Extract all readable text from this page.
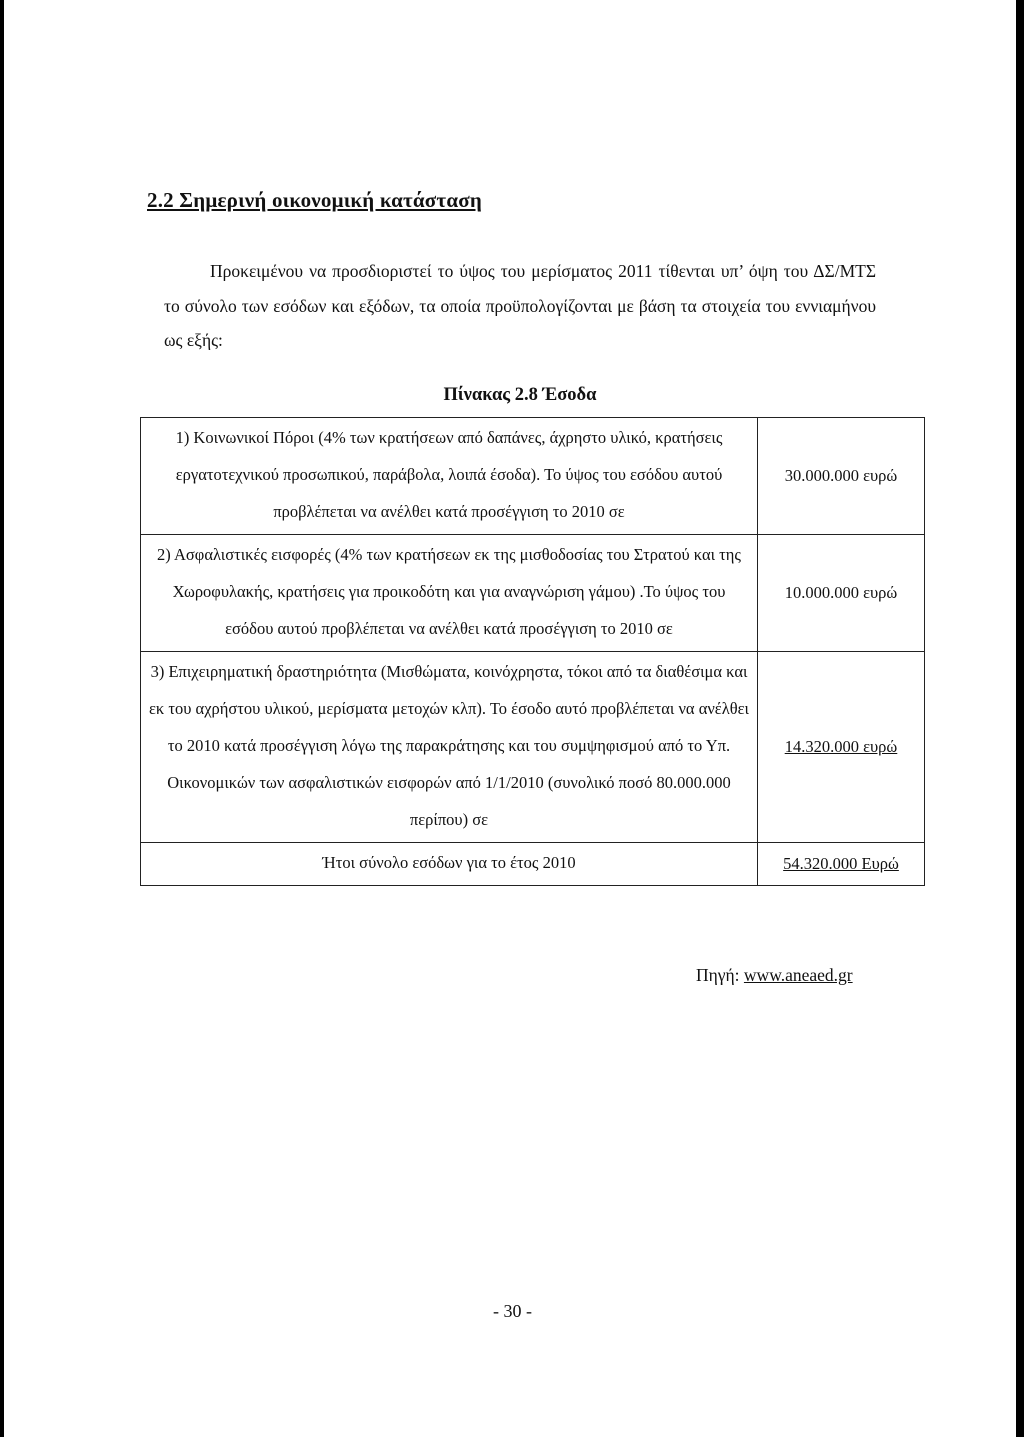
2.2 Σημερινή οικονομική κατάσταση

Προκειμένου να προσδιοριστεί το ύψος του μερίσματος 2011 τίθενται υπ’ όψη του ΔΣ/ΜΤΣ το σύνολο των εσόδων και εξόδων, τα οποία προϋπολογίζονται με βάση τα στοιχεία του εννιαμήνου ως εξής:

Πίνακας 2.8 Έσοδα

1) Κοινωνικοί Πόροι (4% των κρατήσεων από δαπάνες, άχρηστο υλικό, κρατήσεις εργατοτεχνικού προσωπικού, παράβολα, λοιπά έσοδα). Το ύψος του εσόδου αυτού προβλέπεται να ανέλθει κατά προσέγγιση το 2010 σε	30.000.000 ευρώ
2) Ασφαλιστικές εισφορές (4% των κρατήσεων εκ της μισθοδοσίας του Στρατού και της Χωροφυλακής, κρατήσεις για προικοδότη και για αναγνώριση γάμου) .Το ύψος του εσόδου αυτού προβλέπεται να ανέλθει κατά προσέγγιση το 2010 σε	10.000.000 ευρώ
3) Επιχειρηματική δραστηριότητα (Μισθώματα, κοινόχρηστα, τόκοι από τα διαθέσιμα και εκ του αχρήστου υλικού, μερίσματα μετοχών κλπ). Το έσοδο αυτό προβλέπεται να ανέλθει το 2010 κατά προσέγγιση λόγω της παρακράτησης και του συμψηφισμού από το Υπ. Οικονομικών των ασφαλιστικών εισφορών από 1/1/2010 (συνολικό ποσό 80.000.000 περίπου) σε	14.320.000 ευρώ
Ήτοι σύνολο εσόδων για το έτος 2010	54.320.000 Ευρώ

Πηγή: www.aneaed.gr

- 30 -
